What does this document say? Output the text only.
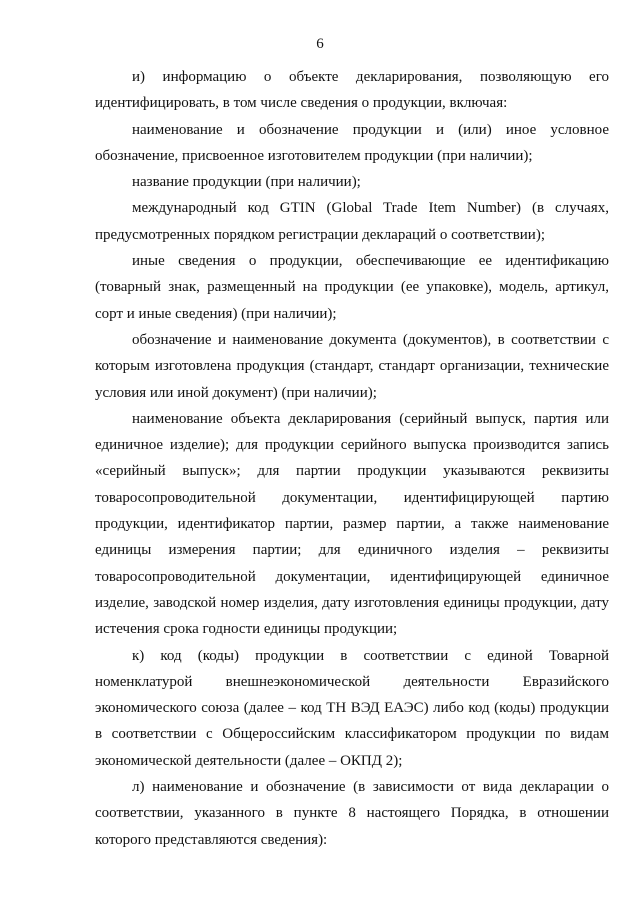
6

и) информацию о объекте декларирования, позволяющую его идентифицировать, в том числе сведения о продукции, включая:

наименование и обозначение продукции и (или) иное условное обозначение, присвоенное изготовителем продукции (при наличии);

название продукции (при наличии);

международный код GTIN (Global Trade Item Number) (в случаях, предусмотренных порядком регистрации деклараций о соответствии);

иные сведения о продукции, обеспечивающие ее идентификацию (товарный знак, размещенный на продукции (ее упаковке), модель, артикул, сорт и иные сведения) (при наличии);

обозначение и наименование документа (документов), в соответствии с которым изготовлена продукция (стандарт, стандарт организации, технические условия или иной документ) (при наличии);

наименование объекта декларирования (серийный выпуск, партия или единичное изделие); для продукции серийного выпуска производится запись «серийный выпуск»; для партии продукции указываются реквизиты товаросопроводительной документации, идентифицирующей партию продукции, идентификатор партии, размер партии, а также наименование единицы измерения партии; для единичного изделия – реквизиты товаросопроводительной документации, идентифицирующей единичное изделие, заводской номер изделия, дату изготовления единицы продукции, дату истечения срока годности единицы продукции;

к) код (коды) продукции в соответствии с единой Товарной номенклатурой внешнеэкономической деятельности Евразийского экономического союза (далее – код ТН ВЭД ЕАЭС) либо код (коды) продукции в соответствии с Общероссийским классификатором продукции по видам экономической деятельности (далее – ОКПД 2);

л) наименование и обозначение (в зависимости от вида декларации о соответствии, указанного в пункте 8 настоящего Порядка, в отношении которого представляются сведения):
